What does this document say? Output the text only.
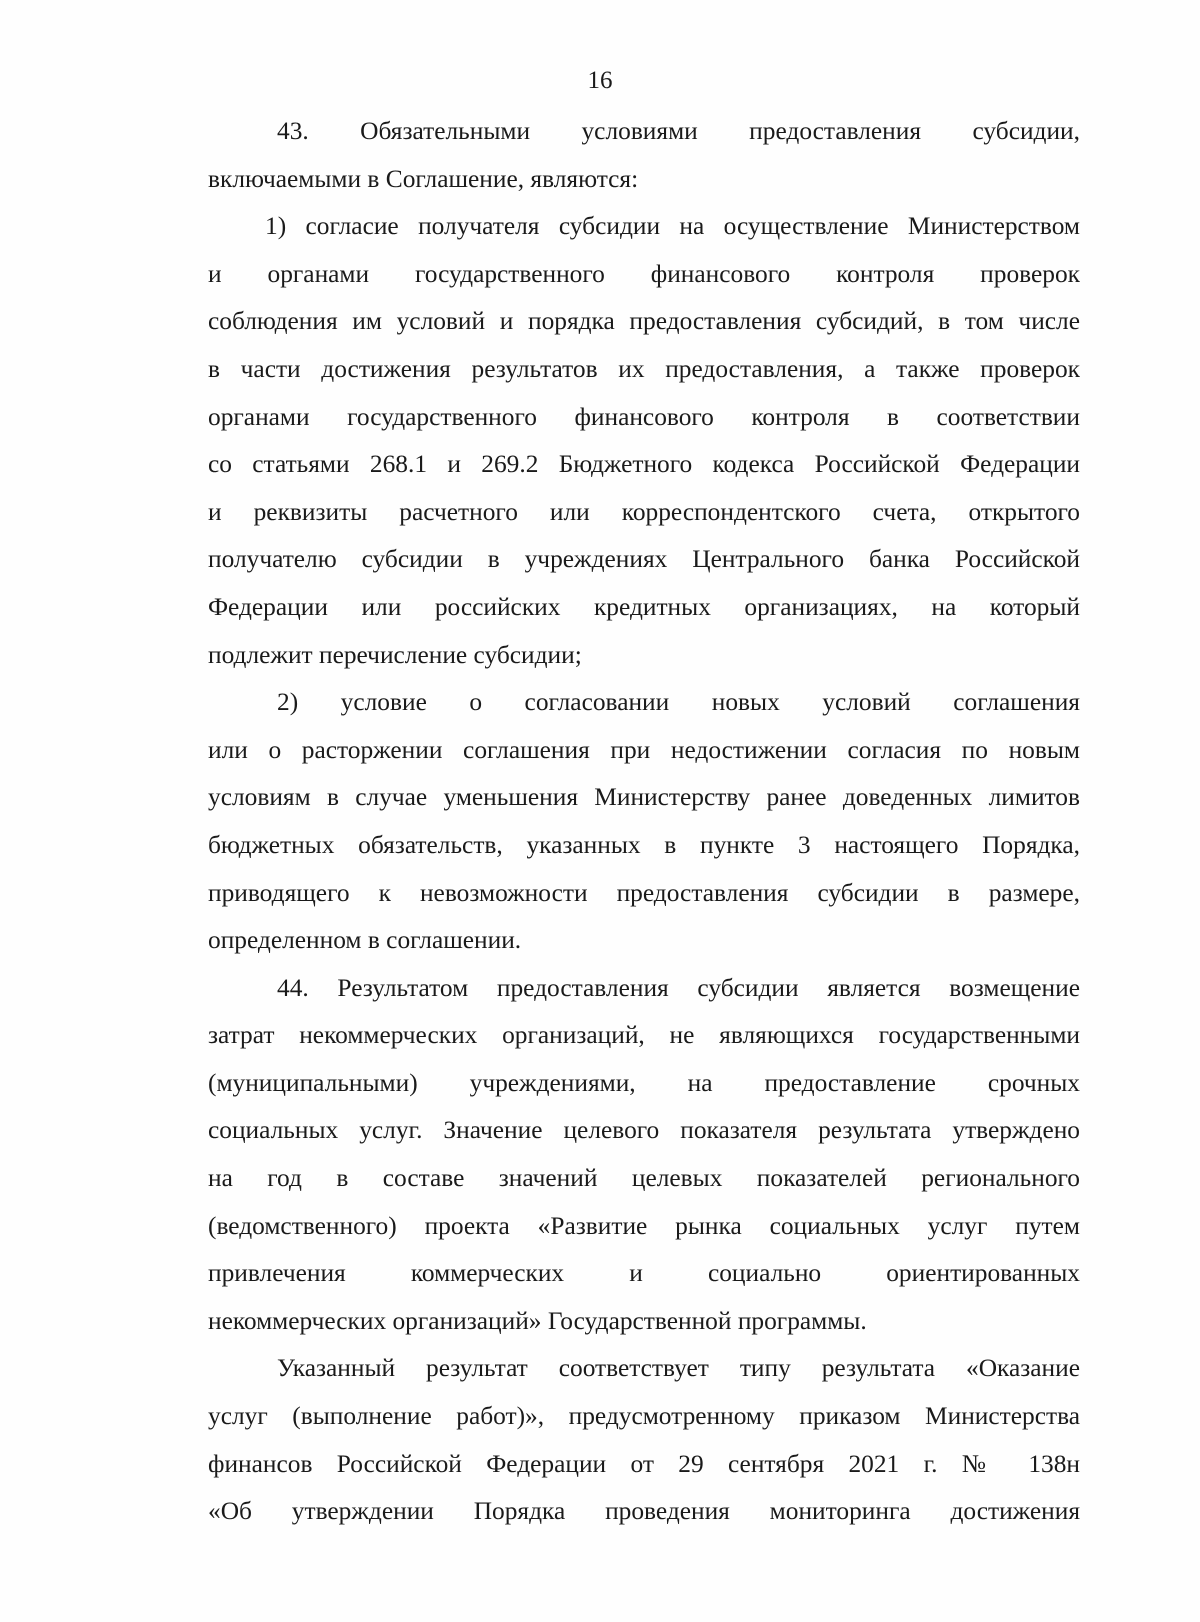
16
43. Обязательными условиями предоставления субсидии,
включаемыми в Соглашение, являются:
1) согласие получателя субсидии на осуществление Министерством
и органами государственного финансового контроля проверок
соблюдения им условий и порядка предоставления субсидий, в том числе
в части достижения результатов их предоставления, а также проверок
органами государственного финансового контроля в соответствии
со статьями 268.1 и 269.2 Бюджетного кодекса Российской Федерации
и реквизиты расчетного или корреспондентского счета, открытого
получателю субсидии в учреждениях Центрального банка Российской
Федерации или российских кредитных организациях, на который
подлежит перечисление субсидии;
2) условие о согласовании новых условий соглашения
или о расторжении соглашения при недостижении согласия по новым
условиям в случае уменьшения Министерству ранее доведенных лимитов
бюджетных обязательств, указанных в пункте 3 настоящего Порядка,
приводящего к невозможности предоставления субсидии в размере,
определенном в соглашении.
44. Результатом предоставления субсидии является возмещение
затрат некоммерческих организаций, не являющихся государственными
(муниципальными) учреждениями, на предоставление срочных
социальных услуг. Значение целевого показателя результата утверждено
на год в составе значений целевых показателей регионального
(ведомственного) проекта «Развитие рынка социальных услуг путем
привлечения коммерческих и социально ориентированных
некоммерческих организаций» Государственной программы.
Указанный результат соответствует типу результата «Оказание
услуг (выполнение работ)», предусмотренному приказом Министерства
финансов Российской Федерации от 29 сентября 2021 г. № 138н
«Об утверждении Порядка проведения мониторинга достижения
